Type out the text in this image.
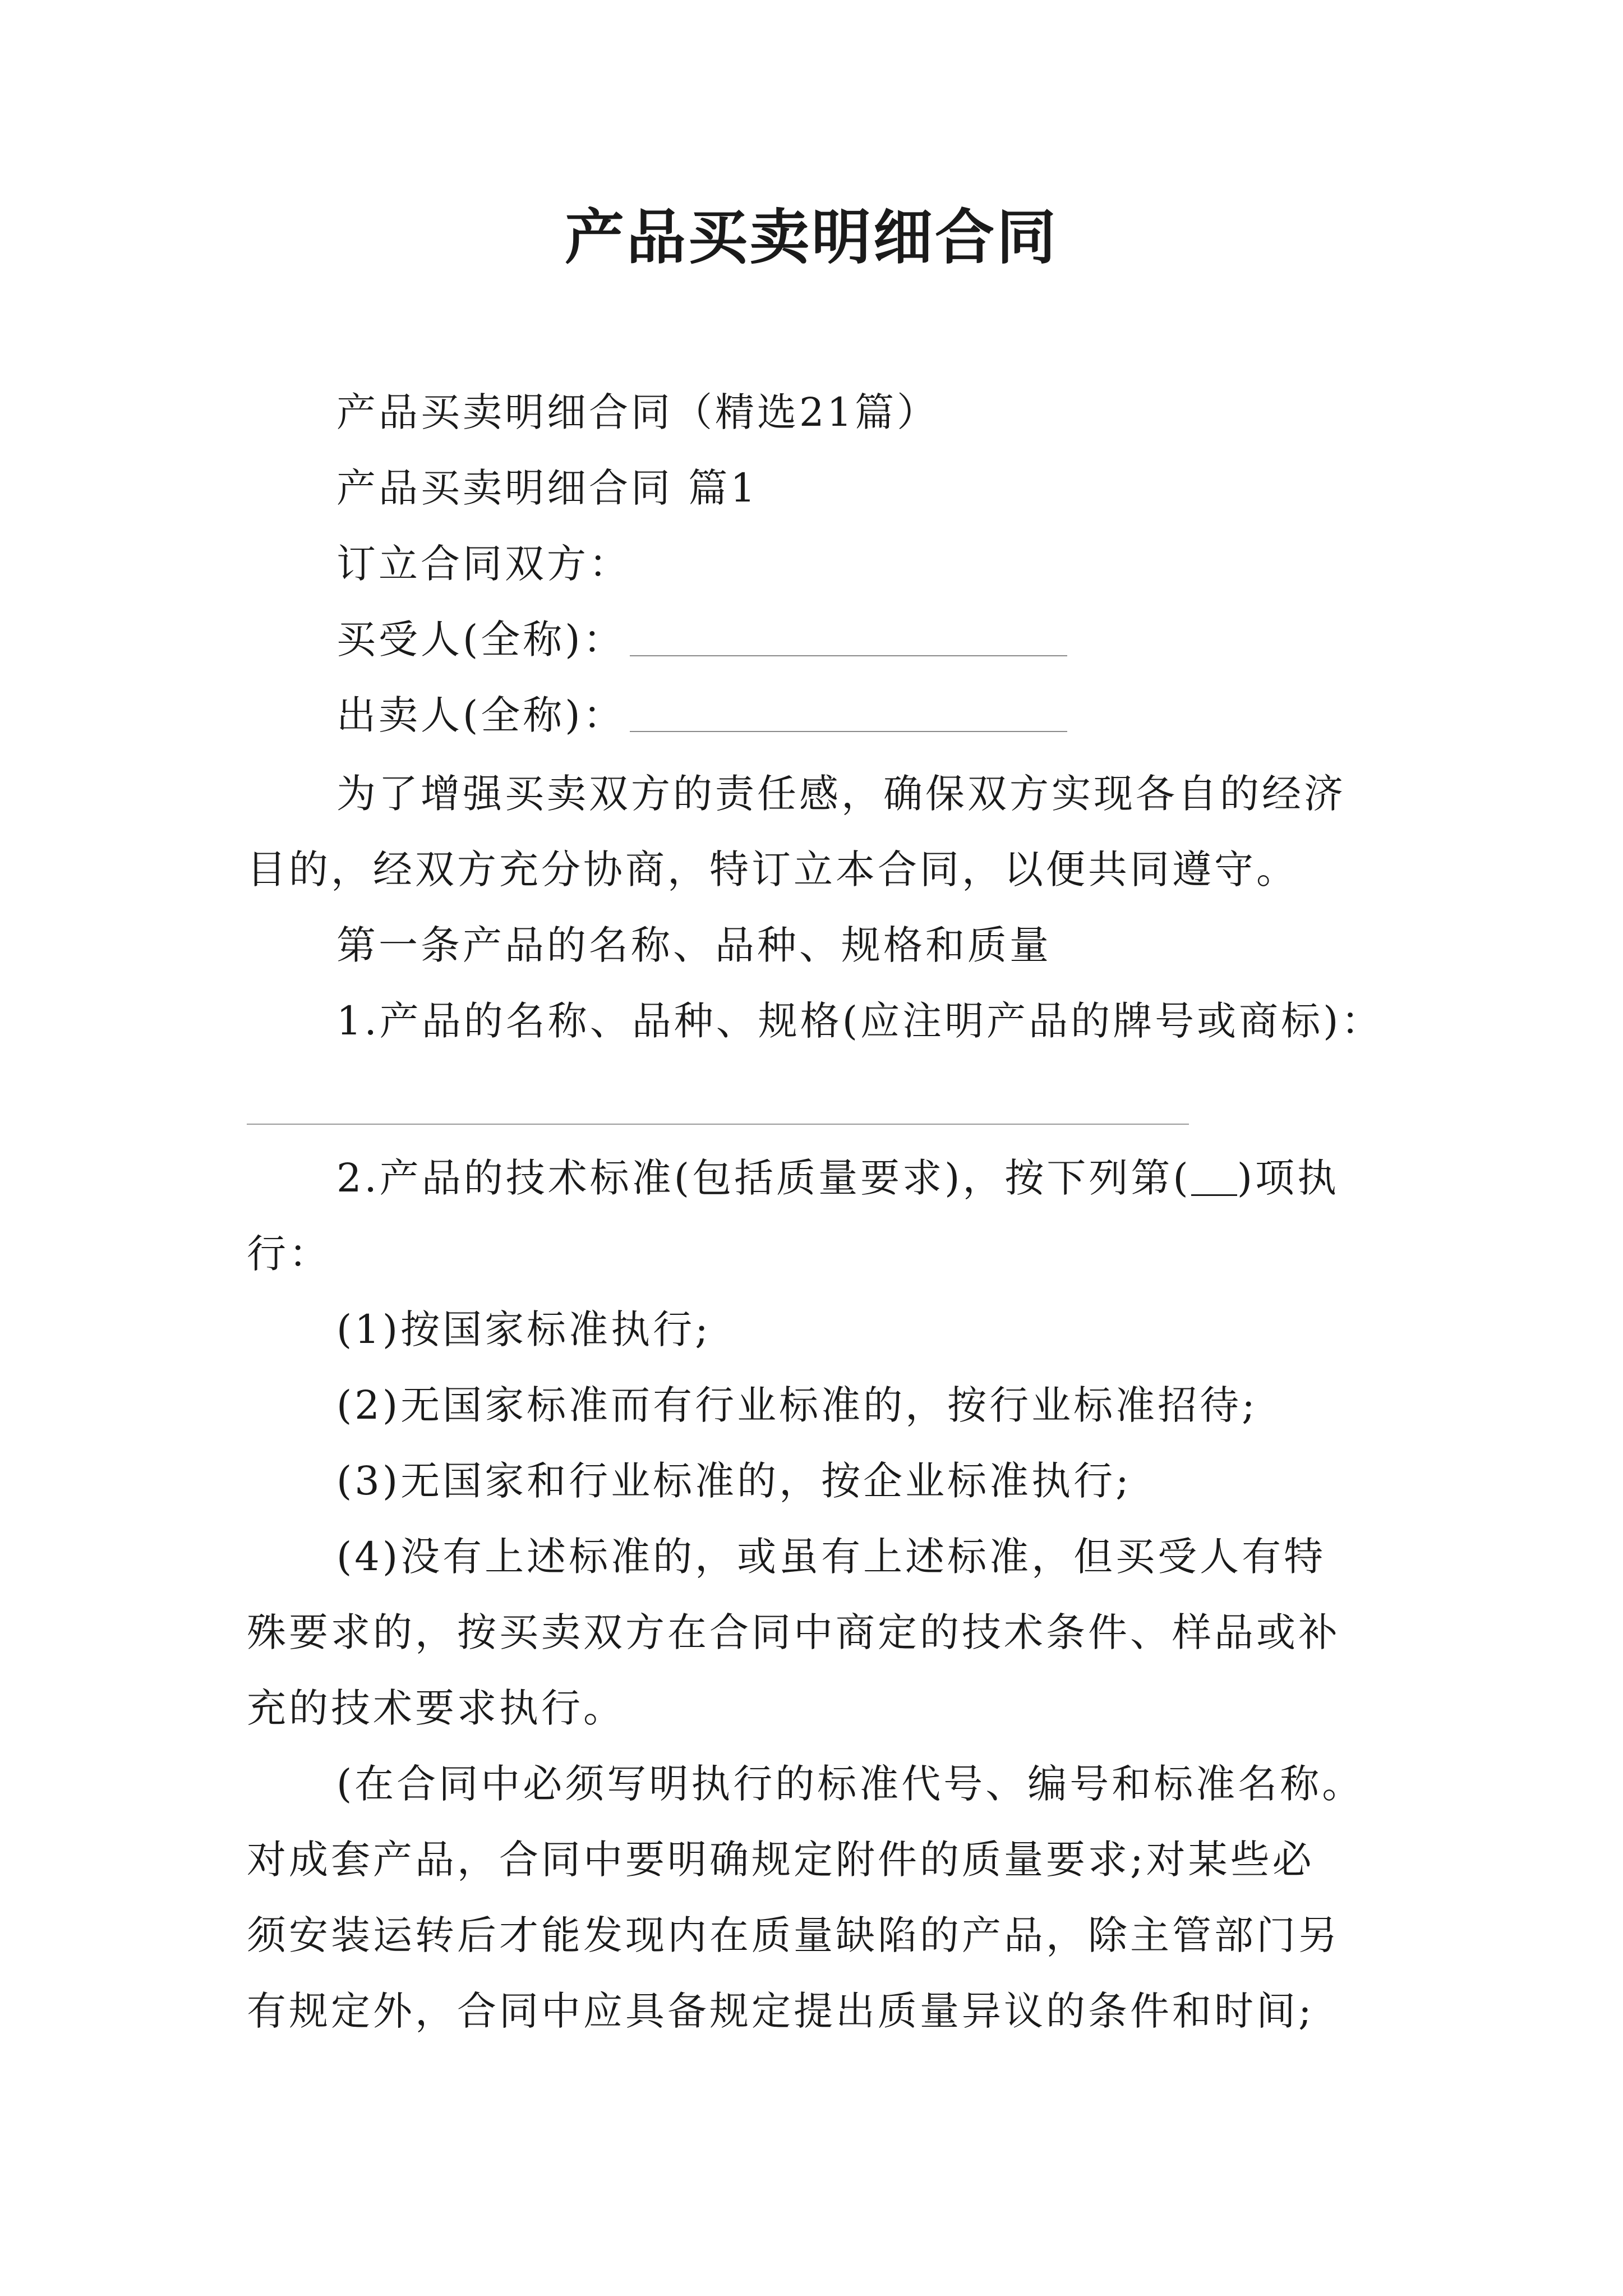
产品买卖明细合同
产品买卖明细合同（精选21篇）
产品买卖明细合同 篇1
订立合同双方：
买受人(全称)：
出卖人(全称)：
为了增强买卖双方的责任感，确保双方实现各自的经济
目的，经双方充分协商，特订立本合同，以便共同遵守。
第一条产品的名称、品种、规格和质量
1.产品的名称、品种、规格(应注明产品的牌号或商标)：
2.产品的技术标准(包括质量要求)，按下列第( )项执
行：
(1)按国家标准执行;
(2)无国家标准而有行业标准的，按行业标准招待;
(3)无国家和行业标准的，按企业标准执行;
(4)没有上述标准的，或虽有上述标准，但买受人有特
殊要求的，按买卖双方在合同中商定的技术条件、样品或补
充的技术要求执行。
(在合同中必须写明执行的标准代号、编号和标准名称。
对成套产品，合同中要明确规定附件的质量要求;对某些必
须安装运转后才能发现内在质量缺陷的产品，除主管部门另
有规定外，合同中应具备规定提出质量异议的条件和时间;
